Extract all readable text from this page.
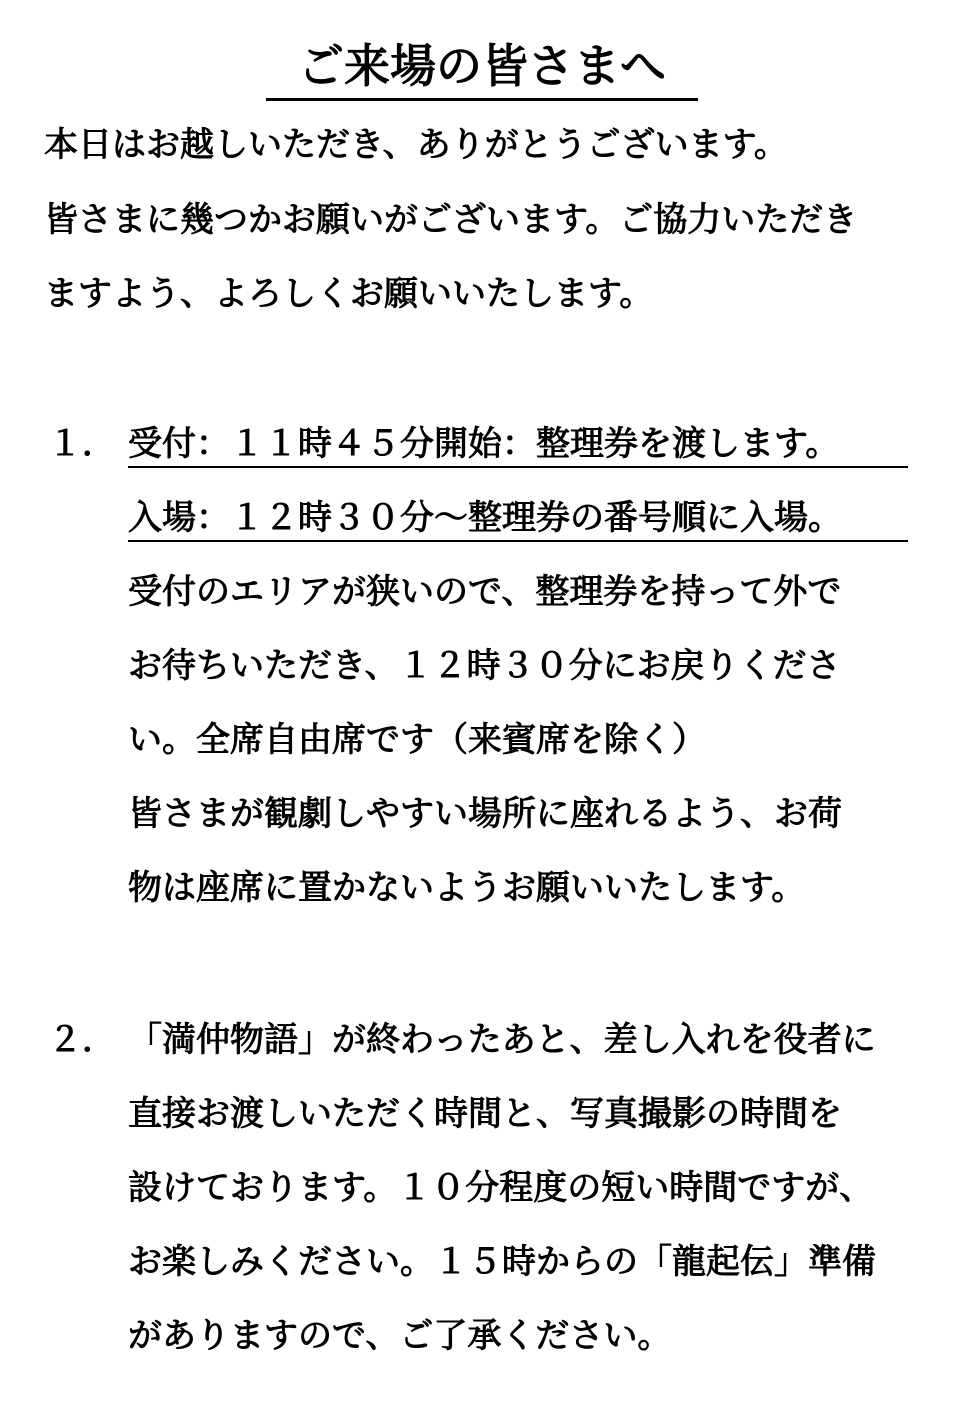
ご来場の皆さまへ
本日はお越しいただき、ありがとうございます。
皆さまに幾つかお願いがございます。ご協力いただき
ますよう、よろしくお願いいたします。
１． 受付：１１時４５分開始：整理券を渡します。
入場：１２時３０分～整理券の番号順に入場。
受付のエリアが狭いので、整理券を持って外で
お待ちいただき、１２時３０分にお戻りくださ
い。全席自由席です（来賓席を除く）
皆さまが観劇しやすい場所に座れるよう、お荷
物は座席に置かないようお願いいたします。
２． 「満仲物語」が終わったあと、差し入れを役者に
直接お渡しいただく時間と、写真撮影の時間を
設けております。１０分程度の短い時間ですが、
お楽しみください。１５時からの「龍起伝」準備
がありますので、ご了承ください。
